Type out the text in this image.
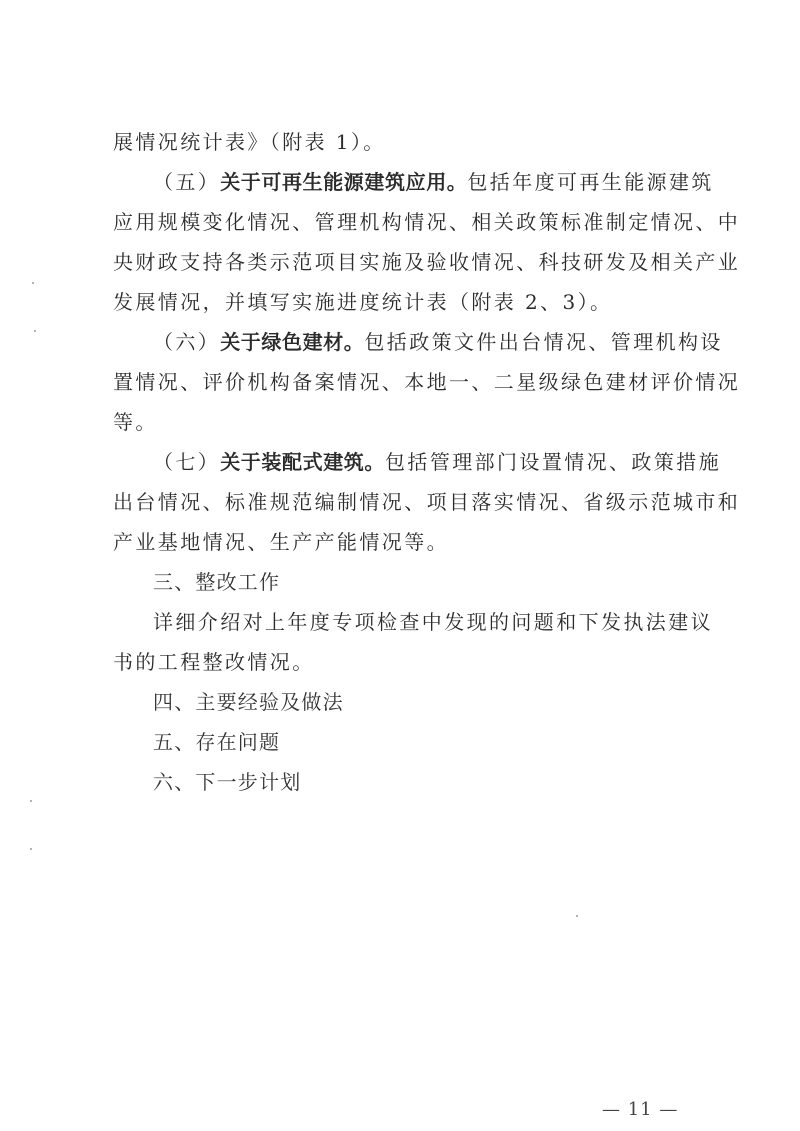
展情况统计表》（附表 1）。
（五）关于可再生能源建筑应用。包括年度可再生能源建筑
应用规模变化情况、管理机构情况、相关政策标准制定情况、中
央财政支持各类示范项目实施及验收情况、科技研发及相关产业
发展情况，并填写实施进度统计表（附表 2、3）。
（六）关于绿色建材。包括政策文件出台情况、管理机构设
置情况、评价机构备案情况、本地一、二星级绿色建材评价情况
等。
（七）关于装配式建筑。包括管理部门设置情况、政策措施
出台情况、标准规范编制情况、项目落实情况、省级示范城市和
产业基地情况、生产产能情况等。
三、整改工作
详细介绍对上年度专项检查中发现的问题和下发执法建议
书的工程整改情况。
四、主要经验及做法
五、存在问题
六、下一步计划
— 11 —
